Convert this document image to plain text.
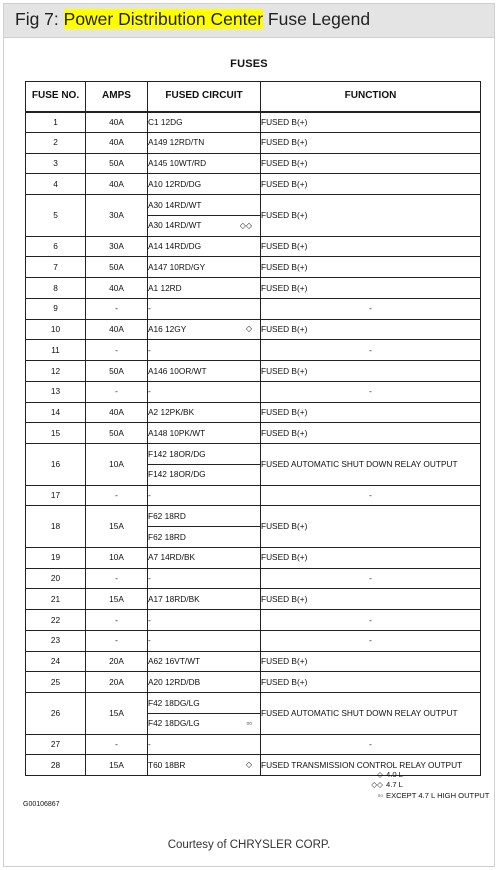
Fig 7: Power Distribution Center Fuse Legend
FUSES
FUSE NO.	AMPS	FUSED CIRCUIT	FUNCTION
1	40A	C1 12DG	FUSED B(+)
2	40A	A149 12RD/TN	FUSED B(+)
3	50A	A145 10WT/RD	FUSED B(+)
4	40A	A10 12RD/DG	FUSED B(+)
5	30A	A30 14RD/WT	FUSED B(+)
		A30 14RD/WT ◇◇	

6	30A	A14 14RD/DG	FUSED B(+)
7	50A	A147 10RD/GY	FUSED B(+)
8	40A	A1 12RD	FUSED B(+)
9	-	-	-
10	40A	A16 12GY ◇	FUSED B(+)
11	-	-	-
12	50A	A146 10OR/WT	FUSED B(+)
13	-	-	-
14	40A	A2 12PK/BK	FUSED B(+)
15	50A	A148 10PK/WT	FUSED B(+)
16	10A	F142 18OR/DG	FUSED AUTOMATIC SHUT DOWN RELAY OUTPUT
		F142 18OR/DG	
17	-	-	-
18	15A	F62 18RD	FUSED B(+)
		F62 18RD	
19	10A	A7 14RD/BK	FUSED B(+)
20	-	-	-
21	15A	A17 18RD/BK	FUSED B(+)
22	-	-	-
23	-	-	-
24	20A	A62 16VT/WT	FUSED B(+)
25	20A	A20 12RD/DB	FUSED B(+)
26	15A	F42 18DG/LG	FUSED AUTOMATIC SHUT DOWN RELAY OUTPUT
		F42 18DG/LG ▫▫	

27	-	-	-
28	15A	T60 18BR ◇	FUSED TRANSMISSION CONTROL RELAY OUTPUT
◇ 4.0 L
◇◇ 4.7 L
▫▫ EXCEPT 4.7 L HIGH OUTPUT
G00106867
Courtesy of CHRYSLER CORP.
